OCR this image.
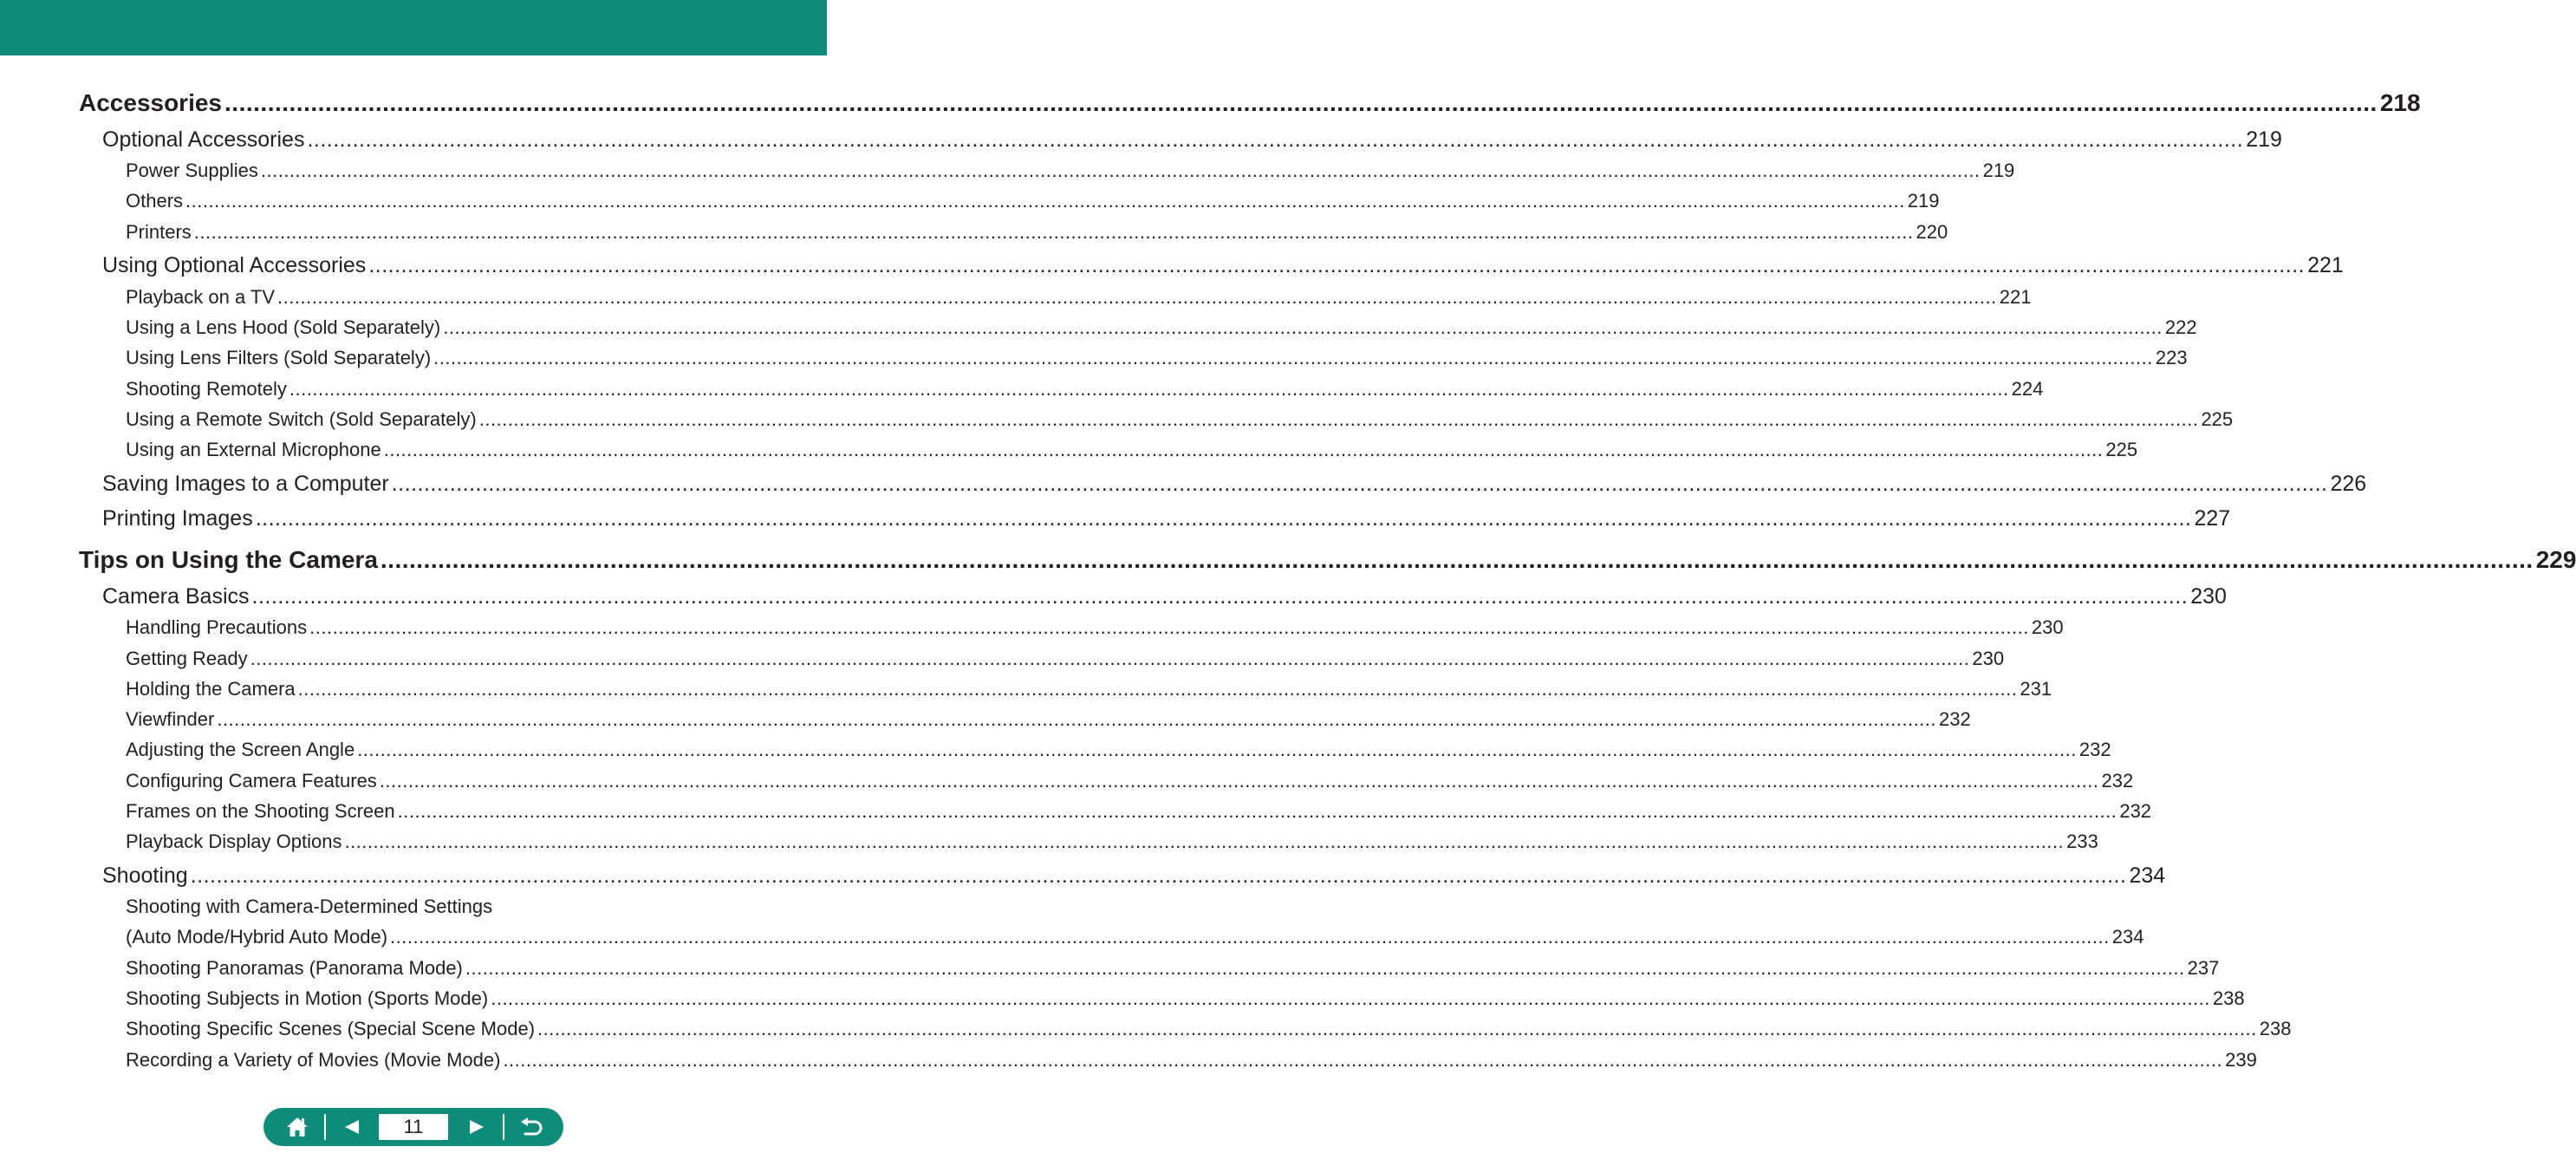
Accessories ............................................................................................................................................................................................................................................................................................................ 218
Optional Accessories ............................................................................................................................................................................................................................................................................................................ 219
Power Supplies ............................................................................................................................................................................................................................................................................................................ 219
Others ............................................................................................................................................................................................................................................................................................................ 219
Printers ............................................................................................................................................................................................................................................................................................................ 220
Using Optional Accessories ............................................................................................................................................................................................................................................................................................................ 221
Playback on a TV ............................................................................................................................................................................................................................................................................................................ 221
Using a Lens Hood (Sold Separately) ............................................................................................................................................................................................................................................................................................................ 222
Using Lens Filters (Sold Separately) ............................................................................................................................................................................................................................................................................................................ 223
Shooting Remotely ............................................................................................................................................................................................................................................................................................................ 224
Using a Remote Switch (Sold Separately) ............................................................................................................................................................................................................................................................................................................ 225
Using an External Microphone ............................................................................................................................................................................................................................................................................................................ 225
Saving Images to a Computer ............................................................................................................................................................................................................................................................................................................ 226
Printing Images ............................................................................................................................................................................................................................................................................................................ 227
Tips on Using the Camera ............................................................................................................................................................................................................................................................................................................ 229
Camera Basics ............................................................................................................................................................................................................................................................................................................ 230
Handling Precautions ............................................................................................................................................................................................................................................................................................................ 230
Getting Ready ............................................................................................................................................................................................................................................................................................................ 230
Holding the Camera ............................................................................................................................................................................................................................................................................................................ 231
Viewfinder ............................................................................................................................................................................................................................................................................................................ 232
Adjusting the Screen Angle ............................................................................................................................................................................................................................................................................................................ 232
Configuring Camera Features ............................................................................................................................................................................................................................................................................................................ 232
Frames on the Shooting Screen ............................................................................................................................................................................................................................................................................................................ 232
Playback Display Options ............................................................................................................................................................................................................................................................................................................ 233
Shooting ............................................................................................................................................................................................................................................................................................................ 234
Shooting with Camera-Determined Settings
(Auto Mode/Hybrid Auto Mode) ............................................................................................................................................................................................................................................................................................................ 234
Shooting Panoramas (Panorama Mode) ............................................................................................................................................................................................................................................................................................................ 237
Shooting Subjects in Motion (Sports Mode) ............................................................................................................................................................................................................................................................................................................ 238
Shooting Specific Scenes (Special Scene Mode) ............................................................................................................................................................................................................................................................................................................ 238
Recording a Variety of Movies (Movie Mode) ............................................................................................................................................................................................................................................................................................................ 239
11
